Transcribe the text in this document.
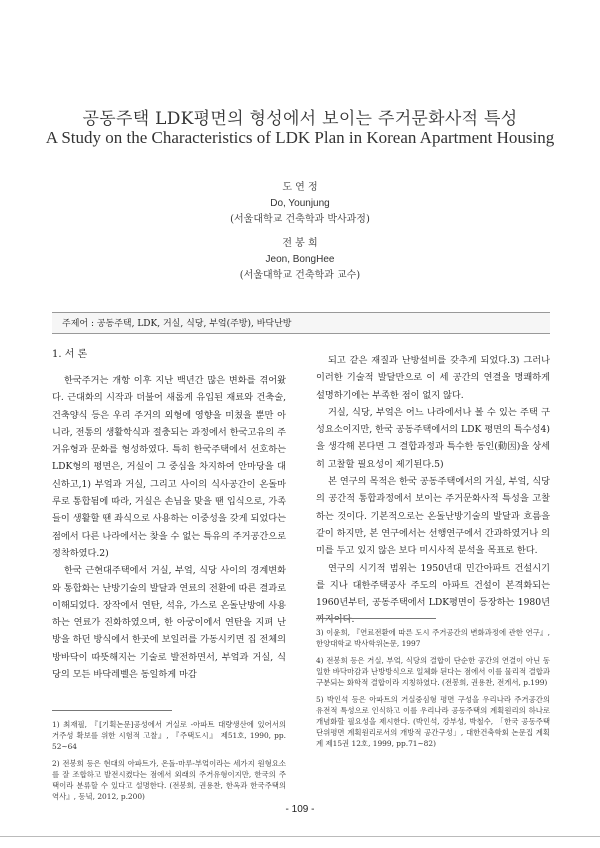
공동주택 LDK평면의 형성에서 보이는 주거문화사적 특성
A Study on the Characteristics of LDK Plan in Korean Apartment Housing
도 연 정
Do, Younjung
(서울대학교 건축학과 박사과정)
전 봉 희
Jeon, BongHee
(서울대학교 건축학과 교수)
주제어 : 공동주택, LDK, 거실, 식당, 부엌(주방), 바닥난방
1. 서 론

한국주거는 개항 이후 지난 백년간 많은 변화를 겪어왔다. 근대화의 시작과 더불어 새롭게 유입된 재료와 건축술, 건축양식 등은 우리 주거의 외형에 영향을 미쳤을 뿐만 아니라, 전통의 생활학식과 절충되는 과정에서 한국고유의 주거유형과 문화를 형성하였다. 특히 한국주택에서 선호하는 LDK형의 평면은, 거실이 그 중심을 차지하여 안마당을 대신하고,1) 부엌과 거실, 그리고 사이의 식사공간이 온돌마루로 통합됨에 따라, 거실은 손님을 맞을 땐 입식으로, 가족들이 생활할 땐 좌식으로 사용하는 이중성을 갖게 되었다는 점에서 다른 나라에서는 찾을 수 없는 특유의 주거공간으로 정착하였다.2)

한국 근현대주택에서 거실, 부엌, 식당 사이의 경계변화와 통합화는 난방기술의 발달과 연료의 전환에 따른 결과로 이해되었다. 장작에서 연탄, 석유, 가스로 온돌난방에 사용하는 연료가 진화하였으며, 한 아궁이에서 연탄을 지펴 난방을 하던 방식에서 한곳에 보일러를 가동시키면 집 전체의 방바닥이 따뜻해지는 기술로 발전하면서, 부엌과 거실, 식당의 모든 바닥레벨은 동일하게 마감

되고 같은 재질과 난방설비를 갖추게 되었다.3) 그러나 이러한 기술적 발달만으로 이 세 공간의 연결을 명쾌하게 설명하기에는 부족한 점이 없지 않다.

거실, 식당, 부엌은 어느 나라에서나 볼 수 있는 주택 구성요소이지만, 한국 공동주택에서의 LDK 평면의 특수성4)을 생각해 본다면 그 결합과정과 특수한 동인(動因)을 상세히 고찰할 필요성이 제기된다.5)

본 연구의 목적은 한국 공동주택에서의 거실, 부엌, 식당의 공간적 통합과정에서 보이는 주거문화사적 특성을 고찰하는 것이다. 기본적으로는 온돌난방기술의 발달과 흐름을 같이 하지만, 본 연구에서는 선행연구에서 간과하였거나 의미를 두고 있지 않은 보다 미시사적 분석을 목표로 한다.

연구의 시기적 범위는 1950년대 민간아파트 건설시기를 지나 대한주택공사 주도의 아파트 건설이 본격화되는 1960년부터, 공동주택에서 LDK평면이 등장하는 1980년까지이다.

1) 최재필, 『[기획논문]공성에서 거실로 -아파트 대량생산에 있어서의 거주성 확보를 위한 시험적 고찰』, 『주택도시』 제51호, 1990, pp. 52~64

2) 전봉희 등은 현대의 아파트가, 온돌-마루-부엌이라는 세가지 원형요소를 잘 조합하고 발전시켰다는 점에서 외래의 주거유형이지만, 한국의 주택이라 분류할 수 있다고 설명한다. (전봉희, 권용찬, 한옥과 한국주택의 역사』, 동녘, 2012, p.200)

3) 이윤희, 『연료전환에 따른 도시 주거공간의 변화과정에 관한 연구』, 한양대학교 박사학위논문, 1997

4) 전봉희 등은 거실, 부엌, 식당의 결합이 단순한 공간의 연결이 아닌 동일한 바닥마감과 난방방식으로 일체화 된다는 점에서 이를 물리적 결합과 구분되는 화학적 결합이라 지칭하였다. (전봉희, 권용찬, 전게서, p.199)

5) 박인석 등은 아파트의 거실중심형 평면 구성을 우리나라 주거공간의 유전적 특성으로 인식하고 이를 우리나라 공동주택의 계획원리의 하나로 개념화할 필요성을 제시한다. (박인석, 강부성, 박철수, 「한국 공동주택 단위평면 계획원리로서의 개방적 공간구성」, 대한건축학회 논문집 계획계 제15권 12호, 1999, pp.71~82)

- 109 -
